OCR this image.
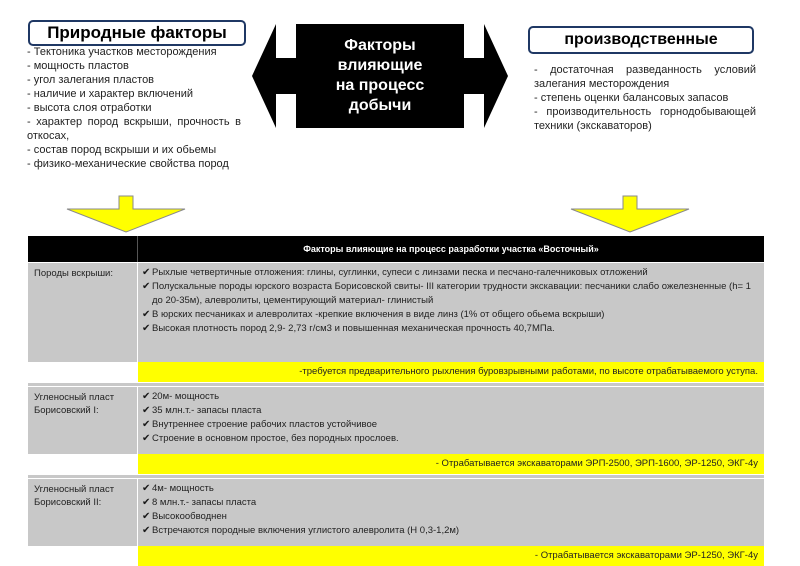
Природные факторы	производственные
Факторы
влияющие
на процесс
добычи
- Тектоника участков месторождения
- мощность пластов
- угол залегания пластов
- наличие и характер включений
- высота слоя отработки
- характер пород вскрыши, прочность в откосах,
- состав пород вскрыши и их обьемы
- физико-механические свойства пород
- достаточная разведанность условий залегания месторождения
- степень оценки балансовых запасов
- производительность горнодобывающей техники (экскаваторов)
Факторы влияющие на процесс разработки участка «Восточный»
Породы вскрыши:	✔ Рыхлые четвертичные отложения: глины, суглинки, супеси с линзами песка и песчано-галечниковых отложений
✔ Полускальные породы юрского возраста Борисовской свиты- III категории трудности экскавации: песчаники слабо ожелезненные (h= 1 до 20-35м), алевролиты, цементирующий материал- глинистый
✔ В юрских песчаниках и алевролитах -крепкие включения в виде линз (1% от общего обьема вскрыши)
✔ Высокая плотность пород 2,9- 2,73 г/см3 и повышенная механическая прочность 40,7МПа.
-требуется предварительного рыхления буровзрывными работами, по высоте отрабатываемого уступа.
Угленосный пласт Борисовский I:
✔ 20м- мощность
✔ 35 млн.т.- запасы пласта
✔ Внутреннее строение рабочих пластов устойчивое
✔ Строение в основном простое, без породных прослоев.
- Отрабатывается экскаваторами ЭРП-2500, ЭРП-1600, ЭР-1250, ЭКГ-4у
Угленосный пласт Борисовский II:
✔ 4м- мощность
✔ 8 млн.т.- запасы пласта
✔ Высокообводнен
✔ Встречаются породные включения углистого алевролита (Н 0,3-1,2м)
- Отрабатывается экскаваторами ЭР-1250, ЭКГ-4у
